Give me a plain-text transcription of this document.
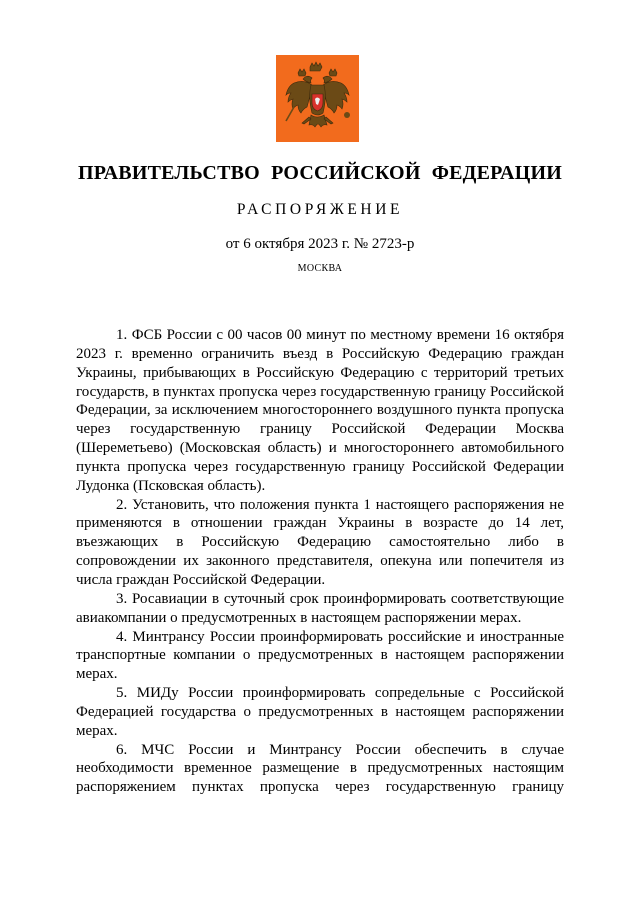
ПРАВИТЕЛЬСТВО РОССИЙСКОЙ ФЕДЕРАЦИИ
РАСПОРЯЖЕНИЕ
от 6 октября 2023 г. № 2723-р
МОСКВА

1. ФСБ России с 00 часов 00 минут по местному времени 16 октября 2023 г. временно ограничить въезд в Российскую Федерацию граждан Украины, прибывающих в Российскую Федерацию с территорий третьих государств, в пунктах пропуска через государственную границу Российской Федерации, за исключением многостороннего воздушного пункта пропуска через государственную границу Российской Федерации Москва (Шереметьево) (Московская область) и многостороннего автомобильного пункта пропуска через государственную границу Российской Федерации Лудонка (Псковская область).

2. Установить, что положения пункта 1 настоящего распоряжения не применяются в отношении граждан Украины в возрасте до 14 лет, въезжающих в Российскую Федерацию самостоятельно либо в сопровождении их законного представителя, опекуна или попечителя из числа граждан Российской Федерации.

3. Росавиации в суточный срок проинформировать соответствующие авиакомпании о предусмотренных в настоящем распоряжении мерах.

4. Минтрансу России проинформировать российские и иностранные транспортные компании о предусмотренных в настоящем распоряжении мерах.

5. МИДу России проинформировать сопредельные с Российской Федерацией государства о предусмотренных в настоящем распоряжении мерах.

6. МЧС России и Минтрансу России обеспечить в случае необходимости временное размещение в предусмотренных настоящим распоряжением пунктах пропуска через государственную границу
